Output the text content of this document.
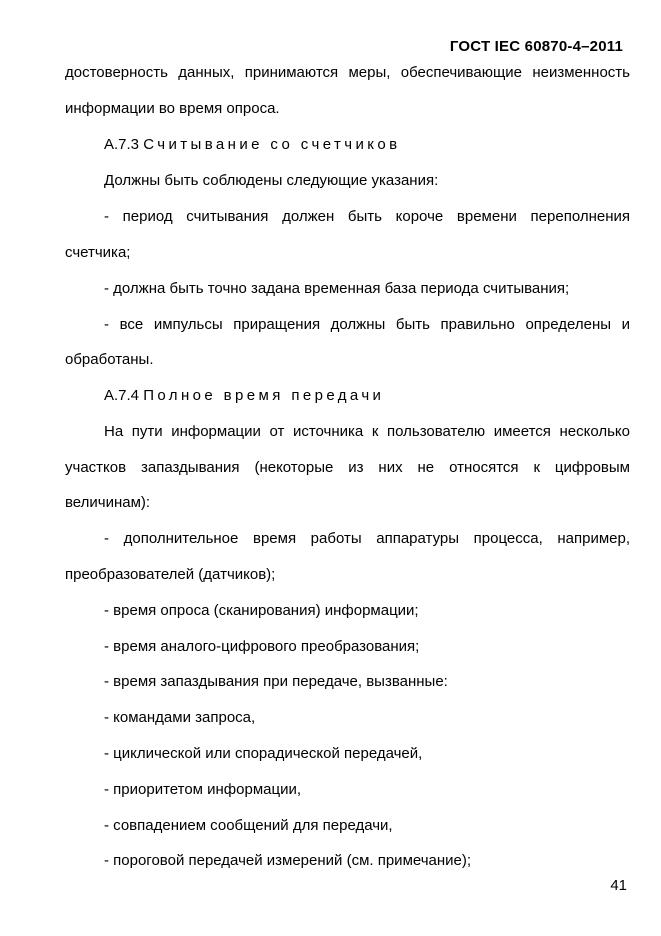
ГОСТ IEC 60870-4–2011
достоверность данных, принимаются меры, обеспечивающие неизменность
информации во время опроса.
А.7.3 Считывание со счетчиков
Должны быть соблюдены следующие указания:
- период считывания должен быть короче времени переполнения
счетчика;
- должна быть точно задана временная база периода считывания;
- все импульсы приращения должны быть правильно определены и
обработаны.
А.7.4 Полное время передачи
На пути информации от источника к пользователю имеется несколько
участков запаздывания (некоторые из них не относятся к цифровым
величинам):
- дополнительное время работы аппаратуры процесса, например,
преобразователей (датчиков);
- время опроса (сканирования) информации;
- время аналого-цифрового преобразования;
- время запаздывания при передаче, вызванные:
- командами запроса,
- циклической или спорадической передачей,
- приоритетом информации,
- совпадением сообщений для передачи,
- пороговой передачей измерений (см. примечание);
41
